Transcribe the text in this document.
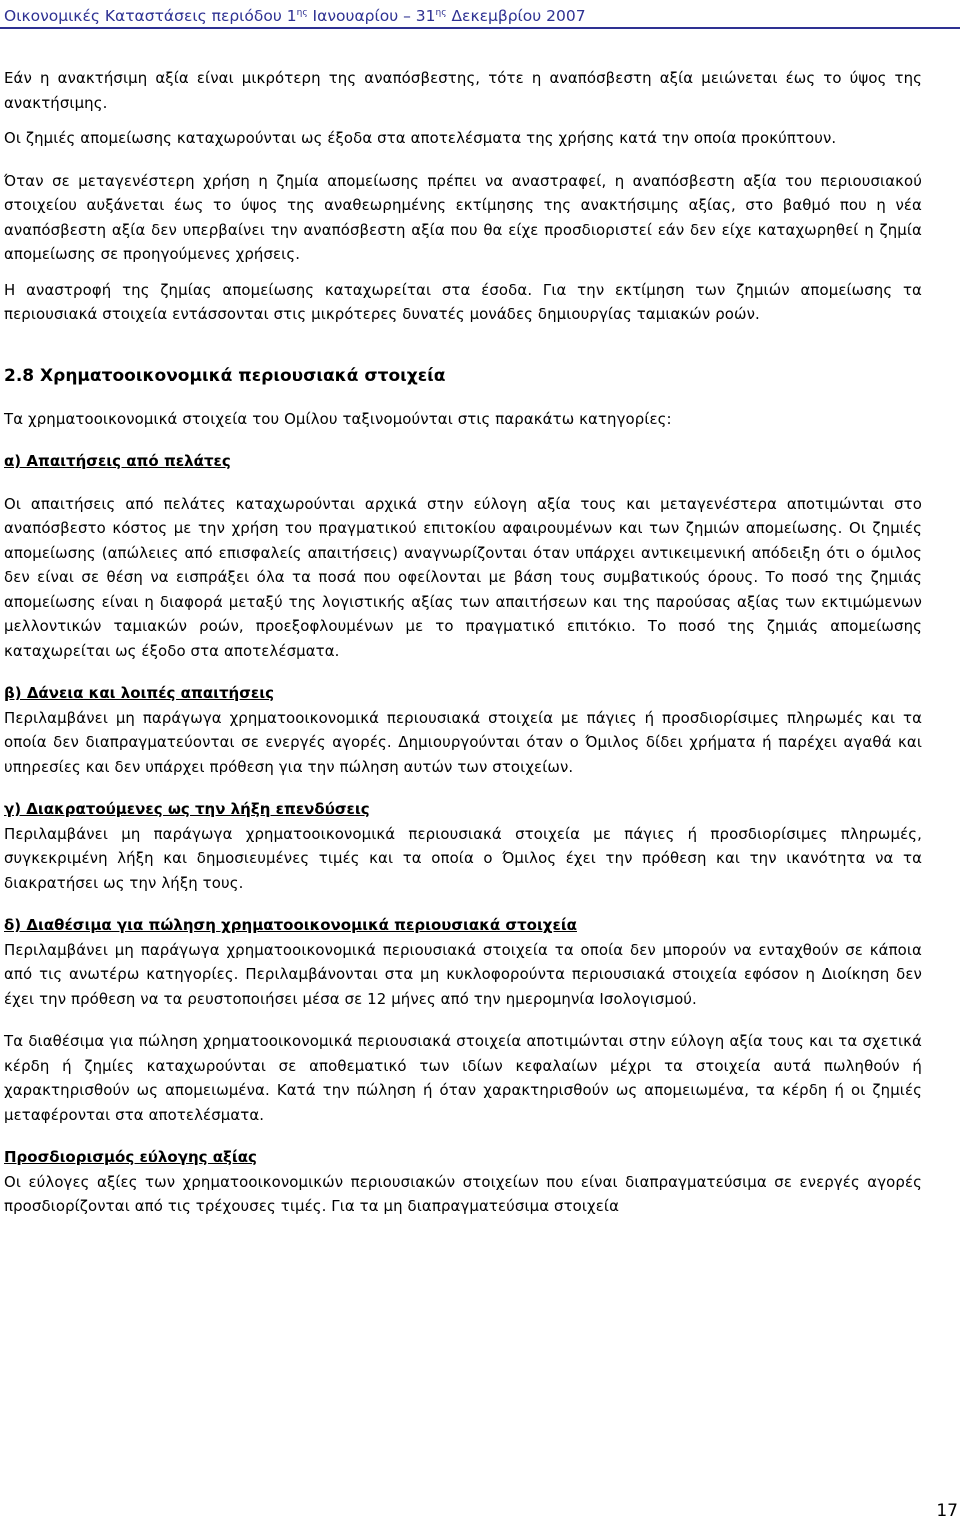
Οικονομικές Καταστάσεις περιόδου $1^{\eta\varsigma}$ Ιανουαρίου – $31^{\eta\varsigma}$ Δεκεμβρίου 2007

Εάν η ανακτήσιμη αξία είναι μικρότερη της αναπόσβεστης, τότε η αναπόσβεστη αξία μειώνεται έως το ύψος της ανακτήσιμης.

Οι ζημιές απομείωσης καταχωρούνται ως έξοδα στα αποτελέσματα της χρήσης κατά την οποία προκύπτουν.

Όταν σε μεταγενέστερη χρήση η ζημία απομείωσης πρέπει να αναστραφεί, η αναπόσβεστη αξία του περιουσιακού στοιχείου αυξάνεται έως το ύψος της αναθεωρημένης εκτίμησης της ανακτήσιμης αξίας, στο βαθμό που η νέα αναπόσβεστη αξία δεν υπερβαίνει την αναπόσβεστη αξία που θα είχε προσδιοριστεί εάν δεν είχε καταχωρηθεί η ζημία απομείωσης σε προηγούμενες χρήσεις.

Η αναστροφή της ζημίας απομείωσης καταχωρείται στα έσοδα. Για την εκτίμηση των ζημιών απομείωσης τα περιουσιακά στοιχεία εντάσσονται στις μικρότερες δυνατές μονάδες δημιουργίας ταμιακών ροών.

2.8 Χρηματοοικονομικά περιουσιακά στοιχεία

Τα χρηματοοικονομικά στοιχεία του Ομίλου ταξινομούνται στις παρακάτω κατηγορίες:

α) Απαιτήσεις από πελάτες

Οι απαιτήσεις από πελάτες καταχωρούνται αρχικά στην εύλογη αξία τους και μεταγενέστερα αποτιμώνται στο αναπόσβεστο κόστος με την χρήση του πραγματικού επιτοκίου αφαιρουμένων και των ζημιών απομείωσης. Οι ζημιές απομείωσης (απώλειες από επισφαλείς απαιτήσεις) αναγνωρίζονται όταν υπάρχει αντικειμενική απόδειξη ότι ο όμιλος δεν είναι σε θέση να εισπράξει όλα τα ποσά που οφείλονται με βάση τους συμβατικούς όρους. Το ποσό της ζημιάς απομείωσης είναι η διαφορά μεταξύ της λογιστικής αξίας των απαιτήσεων και της παρούσας αξίας των εκτιμώμενων μελλοντικών ταμιακών ροών, προεξοφλουμένων με το πραγματικό επιτόκιο. Το ποσό της ζημιάς απομείωσης καταχωρείται ως έξοδο στα αποτελέσματα.

β) Δάνεια και λοιπές απαιτήσεις

Περιλαμβάνει μη παράγωγα χρηματοοικονομικά περιουσιακά στοιχεία με πάγιες ή προσδιορίσιμες πληρωμές και τα οποία δεν διαπραγματεύονται σε ενεργές αγορές. Δημιουργούνται όταν ο Όμιλος δίδει χρήματα ή παρέχει αγαθά και υπηρεσίες και δεν υπάρχει πρόθεση για την πώληση αυτών των στοιχείων.

γ) Διακρατούμενες ως την λήξη επενδύσεις

Περιλαμβάνει μη παράγωγα χρηματοοικονομικά περιουσιακά στοιχεία με πάγιες ή προσδιορίσιμες πληρωμές, συγκεκριμένη λήξη και δημοσιευμένες τιμές και τα οποία ο Όμιλος έχει την πρόθεση και την ικανότητα να τα διακρατήσει ως την λήξη τους.

δ) Διαθέσιμα για πώληση χρηματοοικονομικά περιουσιακά στοιχεία

Περιλαμβάνει μη παράγωγα χρηματοοικονομικά περιουσιακά στοιχεία τα οποία δεν μπορούν να ενταχθούν σε κάποια από τις ανωτέρω κατηγορίες. Περιλαμβάνονται στα μη κυκλοφορούντα περιουσιακά στοιχεία εφόσον η Διοίκηση δεν έχει την πρόθεση να τα ρευστοποιήσει μέσα σε 12 μήνες από την ημερομηνία Ισολογισμού.

Τα διαθέσιμα για πώληση χρηματοοικονομικά περιουσιακά στοιχεία αποτιμώνται στην εύλογη αξία τους και τα σχετικά κέρδη ή ζημίες καταχωρούνται σε αποθεματικό των ιδίων κεφαλαίων μέχρι τα στοιχεία αυτά πωληθούν ή χαρακτηρισθούν ως απομειωμένα. Κατά την πώληση ή όταν χαρακτηρισθούν ως απομειωμένα, τα κέρδη ή οι ζημιές μεταφέρονται στα αποτελέσματα.

Προσδιορισμός εύλογης αξίας

Οι εύλογες αξίες των χρηματοοικονομικών περιουσιακών στοιχείων που είναι διαπραγματεύσιμα σε ενεργές αγορές προσδιορίζονται από τις τρέχουσες τιμές. Για τα μη διαπραγματεύσιμα στοιχεία

17
